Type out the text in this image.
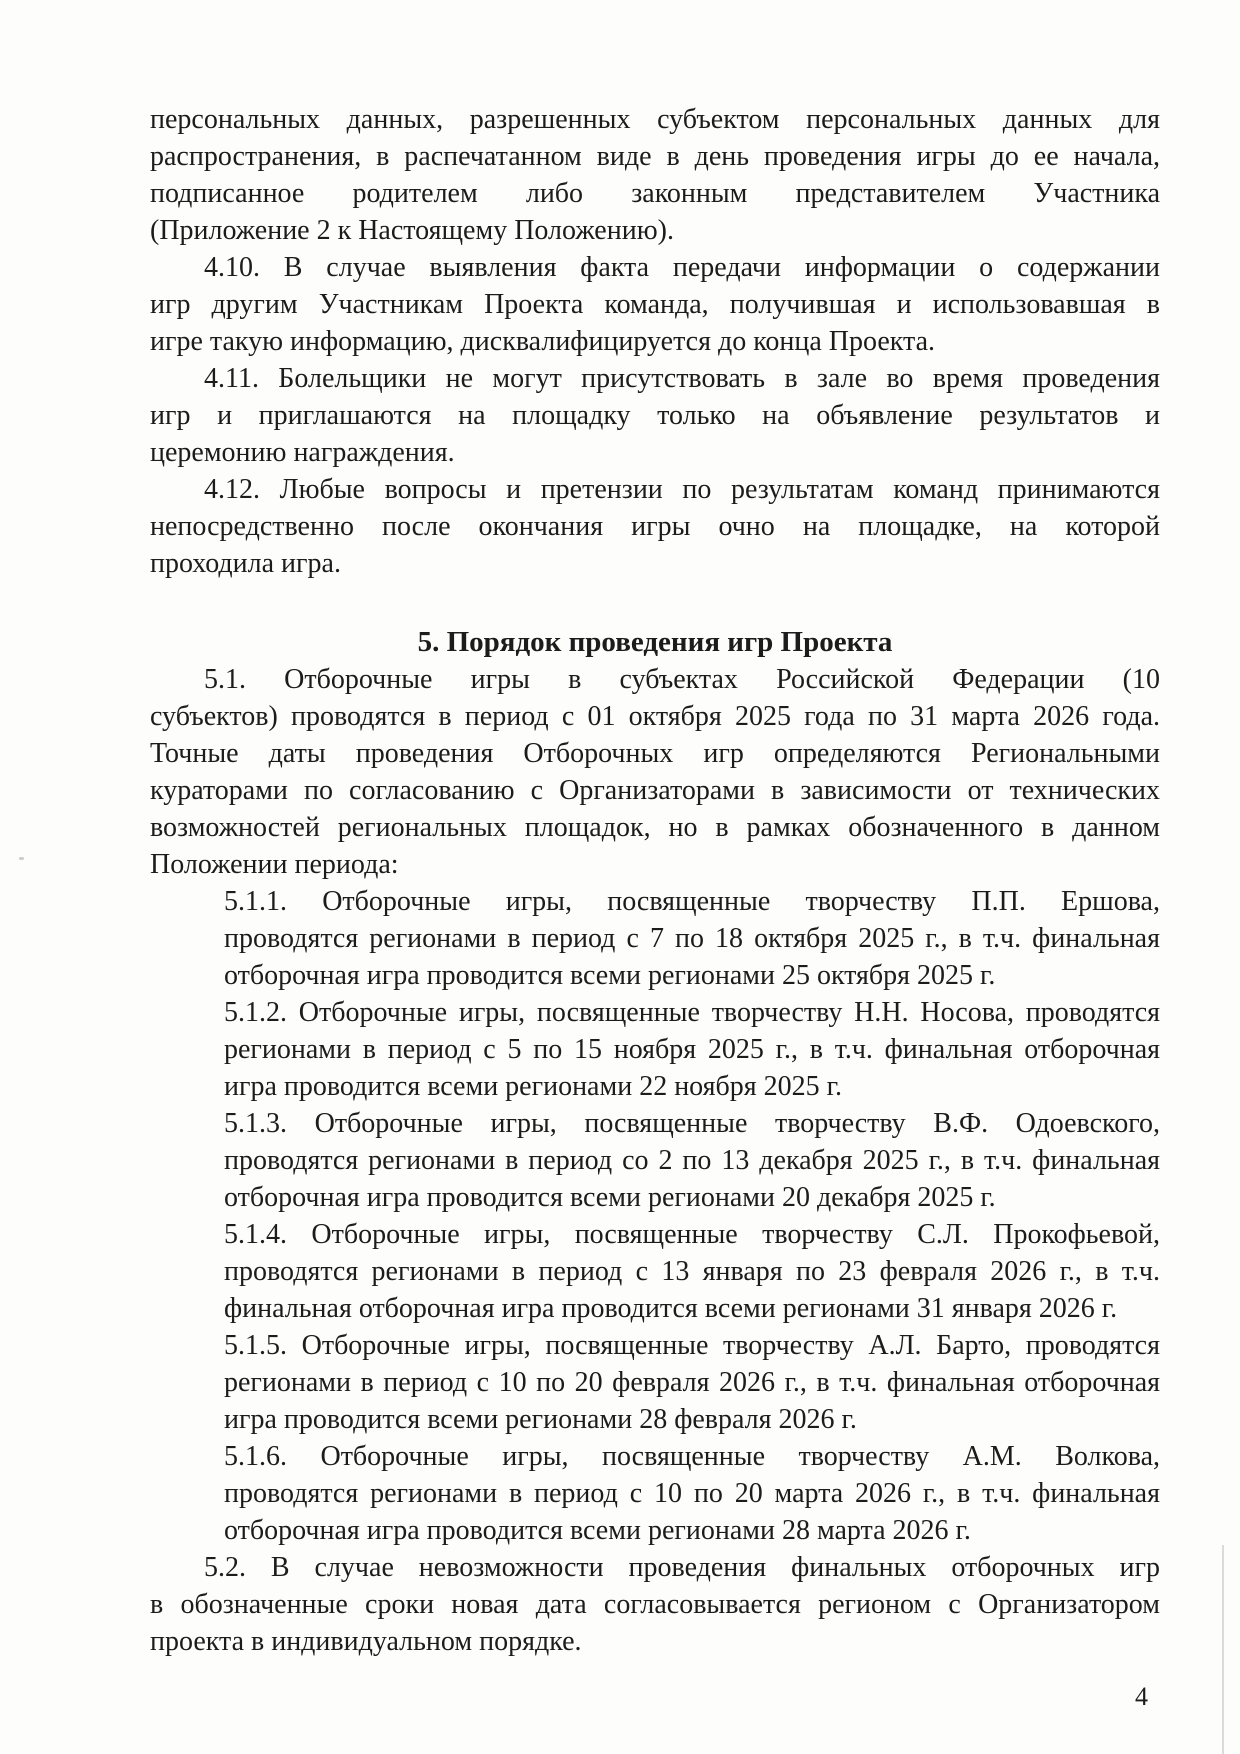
персональных данных, разрешенных субъектом персональных данных для
распространения, в распечатанном виде в день проведения игры до ее начала,
подписанное родителем либо законным представителем Участника
(Приложение 2 к Настоящему Положению).
4.10. В случае выявления факта передачи информации о содержании
игр другим Участникам Проекта команда, получившая и использовавшая в
игре такую информацию, дисквалифицируется до конца Проекта.
4.11. Болельщики не могут присутствовать в зале во время проведения
игр и приглашаются на площадку только на объявление результатов и
церемонию награждения.
4.12. Любые вопросы и претензии по результатам команд принимаются
непосредственно после окончания игры очно на площадке, на которой
проходила игра.
5. Порядок проведения игр Проекта
5.1. Отборочные игры в субъектах Российской Федерации (10
субъектов) проводятся в период с 01 октября 2025 года по 31 марта 2026 года.
Точные даты проведения Отборочных игр определяются Региональными
кураторами по согласованию с Организаторами в зависимости от технических
возможностей региональных площадок, но в рамках обозначенного в данном
Положении периода:
5.1.1. Отборочные игры, посвященные творчеству П.П. Ершова,
проводятся регионами в период с 7 по 18 октября 2025 г., в т.ч. финальная
отборочная игра проводится всеми регионами 25 октября 2025 г.
5.1.2. Отборочные игры, посвященные творчеству Н.Н. Носова, проводятся
регионами в период с 5 по 15 ноября 2025 г., в т.ч. финальная отборочная
игра проводится всеми регионами 22 ноября 2025 г.
5.1.3. Отборочные игры, посвященные творчеству В.Ф. Одоевского,
проводятся регионами в период со 2 по 13 декабря 2025 г., в т.ч. финальная
отборочная игра проводится всеми регионами 20 декабря 2025 г.
5.1.4. Отборочные игры, посвященные творчеству С.Л. Прокофьевой,
проводятся регионами в период с 13 января по 23 февраля 2026 г., в т.ч.
финальная отборочная игра проводится всеми регионами 31 января 2026 г.
5.1.5. Отборочные игры, посвященные творчеству А.Л. Барто, проводятся
регионами в период с 10 по 20 февраля 2026 г., в т.ч. финальная отборочная
игра проводится всеми регионами 28 февраля 2026 г.
5.1.6. Отборочные игры, посвященные творчеству А.М. Волкова,
проводятся регионами в период с 10 по 20 марта 2026 г., в т.ч. финальная
отборочная игра проводится всеми регионами 28 марта 2026 г.
5.2. В случае невозможности проведения финальных отборочных игр
в обозначенные сроки новая дата согласовывается регионом с Организатором
проекта в индивидуальном порядке.
4
